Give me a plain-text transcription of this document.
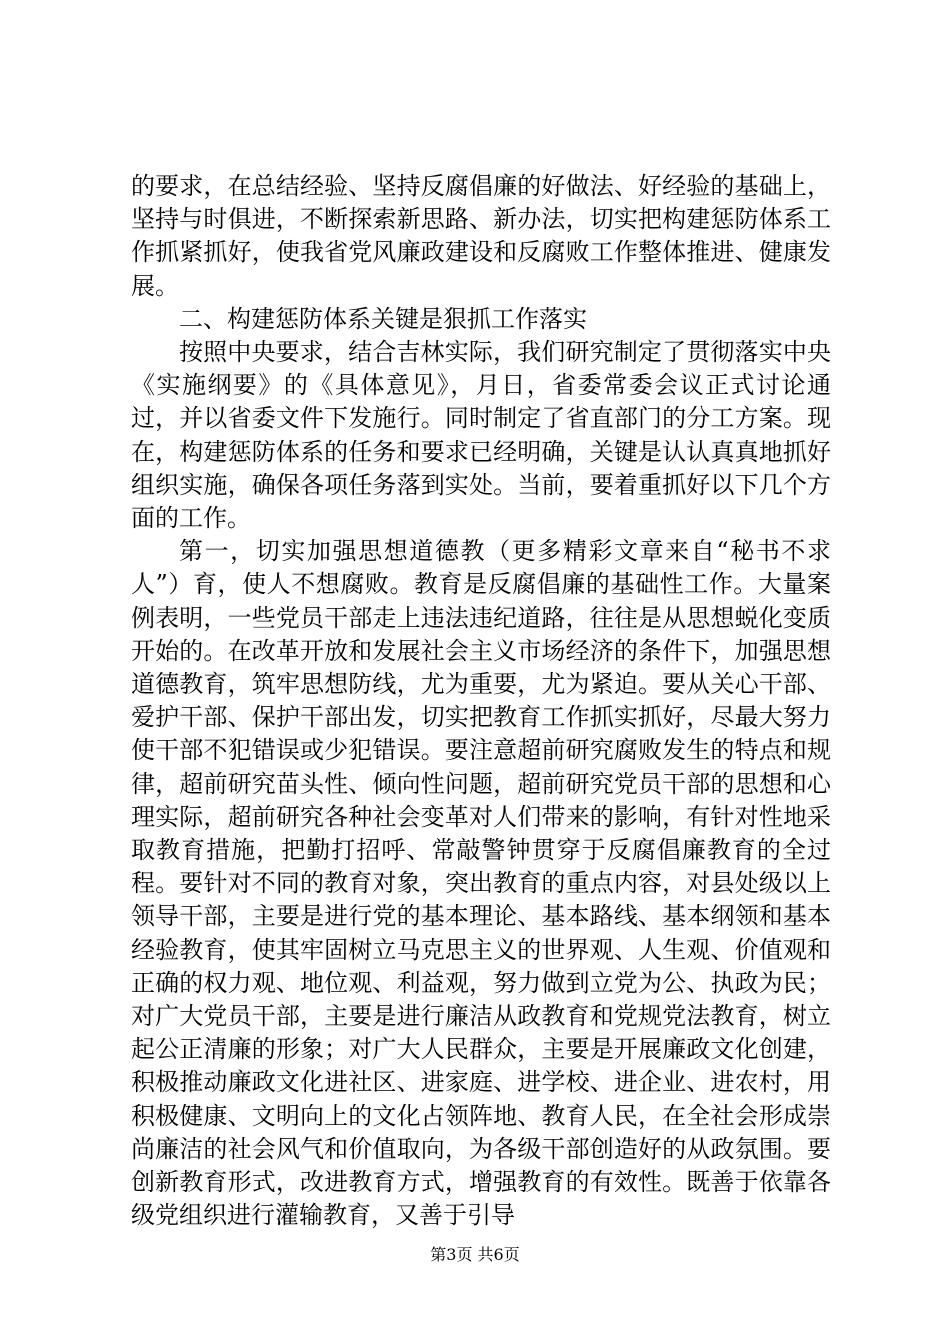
的要求，在总结经验、坚持反腐倡廉的好做法、好经验的基础上，坚持与时俱进，不断探索新思路、新办法，切实把构建惩防体系工作抓紧抓好，使我省党风廉政建设和反腐败工作整体推进、健康发展。

二、构建惩防体系关键是狠抓工作落实

按照中央要求，结合吉林实际，我们研究制定了贯彻落实中央《实施纲要》的《具体意见》，月日，省委常委会议正式讨论通过，并以省委文件下发施行。同时制定了省直部门的分工方案。现在，构建惩防体系的任务和要求已经明确，关键是认认真真地抓好组织实施，确保各项任务落到实处。当前，要着重抓好以下几个方面的工作。

第一，切实加强思想道德教（更多精彩文章来自“秘书不求人”）育，使人不想腐败。教育是反腐倡廉的基础性工作。大量案例表明，一些党员干部走上违法违纪道路，往往是从思想蜕化变质开始的。在改革开放和发展社会主义市场经济的条件下，加强思想道德教育，筑牢思想防线，尤为重要，尤为紧迫。要从关心干部、爱护干部、保护干部出发，切实把教育工作抓实抓好，尽最大努力使干部不犯错误或少犯错误。要注意超前研究腐败发生的特点和规律，超前研究苗头性、倾向性问题，超前研究党员干部的思想和心理实际，超前研究各种社会变革对人们带来的影响，有针对性地采取教育措施，把勤打招呼、常敲警钟贯穿于反腐倡廉教育的全过程。要针对不同的教育对象，突出教育的重点内容，对县处级以上领导干部，主要是进行党的基本理论、基本路线、基本纲领和基本经验教育，使其牢固树立马克思主义的世界观、人生观、价值观和正确的权力观、地位观、利益观，努力做到立党为公、执政为民；对广大党员干部，主要是进行廉洁从政教育和党规党法教育，树立起公正清廉的形象；对广大人民群众，主要是开展廉政文化创建，积极推动廉政文化进社区、进家庭、进学校、进企业、进农村，用积极健康、文明向上的文化占领阵地、教育人民，在全社会形成崇尚廉洁的社会风气和价值取向，为各级干部创造好的从政氛围。要创新教育形式，改进教育方式，增强教育的有效性。既善于依靠各级党组织进行灌输教育，又善于引导

第3页 共6页
